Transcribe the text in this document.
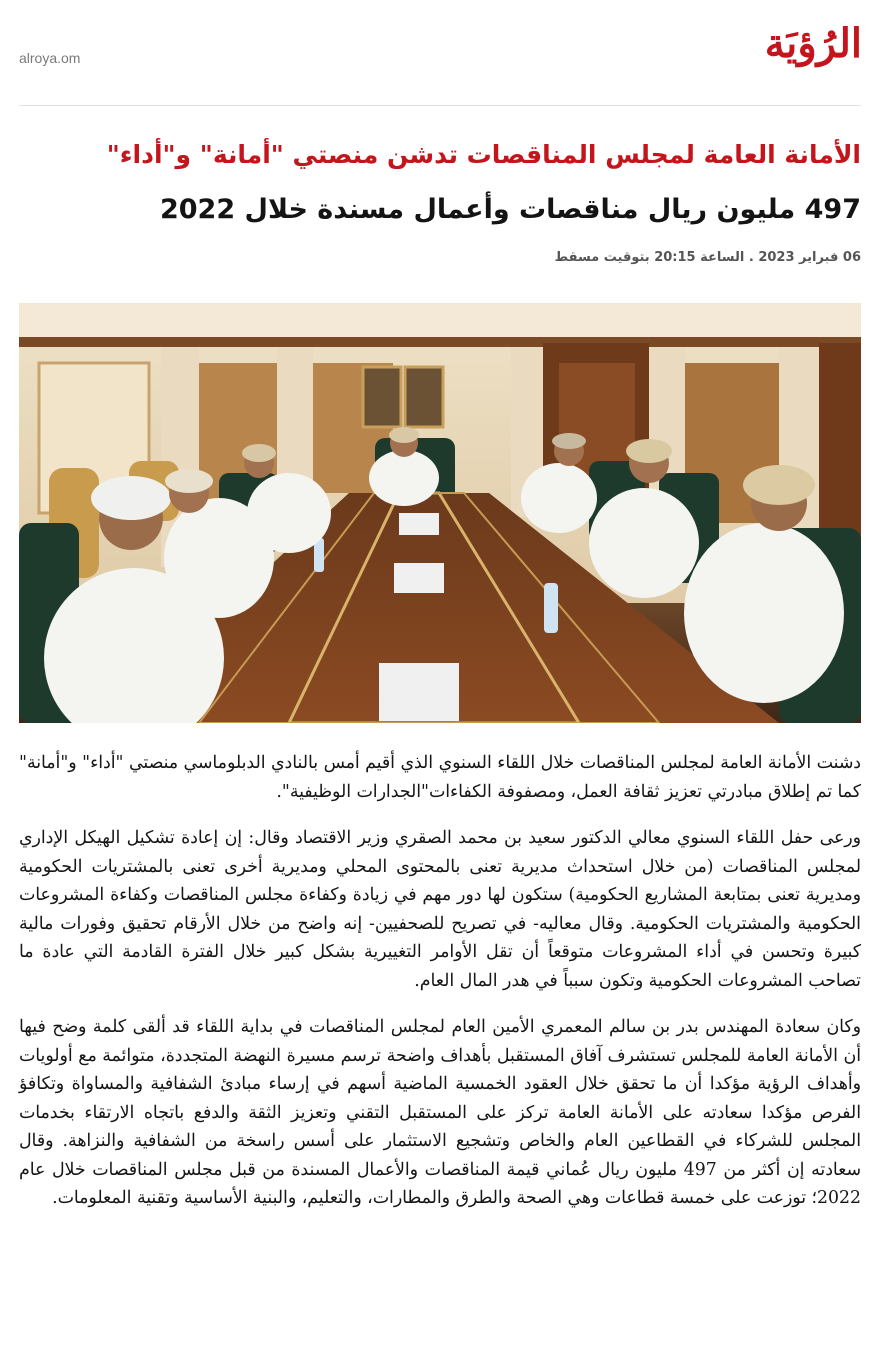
alroya.om	الرُؤيَة
الأمانة العامة لمجلس المناقصات تدشن منصتي "أمانة" و"أداء"
497 مليون ريال مناقصات وأعمال مسندة خلال 2022
06 فبراير 2023 . الساعة 20:15 بتوقيت مسقط

دشنت الأمانة العامة لمجلس المناقصات خلال اللقاء السنوي الذي أقيم أمس بالنادي الدبلوماسي منصتي "أداء" و"أمانة" كما تم إطلاق مبادرتي تعزيز ثقافة العمل، ومصفوفة الكفاءات"الجدارات الوظيفية".

ورعى حفل اللقاء السنوي معالي الدكتور سعيد بن محمد الصقري وزير الاقتصاد وقال: إن إعادة تشكيل الهيكل الإداري لمجلس المناقصات (من خلال استحداث مديرية تعنى بالمحتوى المحلي ومديرية أخرى تعنى بالمشتريات الحكومية ومديرية تعنى بمتابعة المشاريع الحكومية) ستكون لها دور مهم في زيادة وكفاءة مجلس المناقصات وكفاءة المشروعات الحكومية والمشتريات الحكومية. وقال معاليه- في تصريح للصحفيين- إنه واضح من خلال الأرقام تحقيق وفورات مالية كبيرة وتحسن في أداء المشروعات متوقعاً أن تقل الأوامر التغييرية بشكل كبير خلال الفترة القادمة التي عادة ما تصاحب المشروعات الحكومية وتكون سبباً في هدر المال العام.

وكان سعادة المهندس بدر بن سالم المعمري الأمين العام لمجلس المناقصات في بداية اللقاء قد ألقى كلمة وضح فيها أن الأمانة العامة للمجلس تستشرف آفاق المستقبل بأهداف واضحة ترسم مسيرة النهضة المتجددة، متوائمة مع أولويات وأهداف الرؤية مؤكدا أن ما تحقق خلال العقود الخمسية الماضية أسهم في إرساء مبادئ الشفافية والمساواة وتكافؤ الفرص مؤكدا سعادته على الأمانة العامة تركز على المستقبل التقني وتعزيز الثقة والدفع باتجاه الارتقاء بخدمات المجلس للشركاء في القطاعين العام والخاص وتشجيع الاستثمار على أسس راسخة من الشفافية والنزاهة. وقال سعادته إن أكثر من 497 مليون ريال عُماني قيمة المناقصات والأعمال المسندة من قبل مجلس المناقصات خلال عام 2022؛ توزعت على خمسة قطاعات وهي الصحة والطرق والمطارات، والتعليم، والبنية الأساسية وتقنية المعلومات.
